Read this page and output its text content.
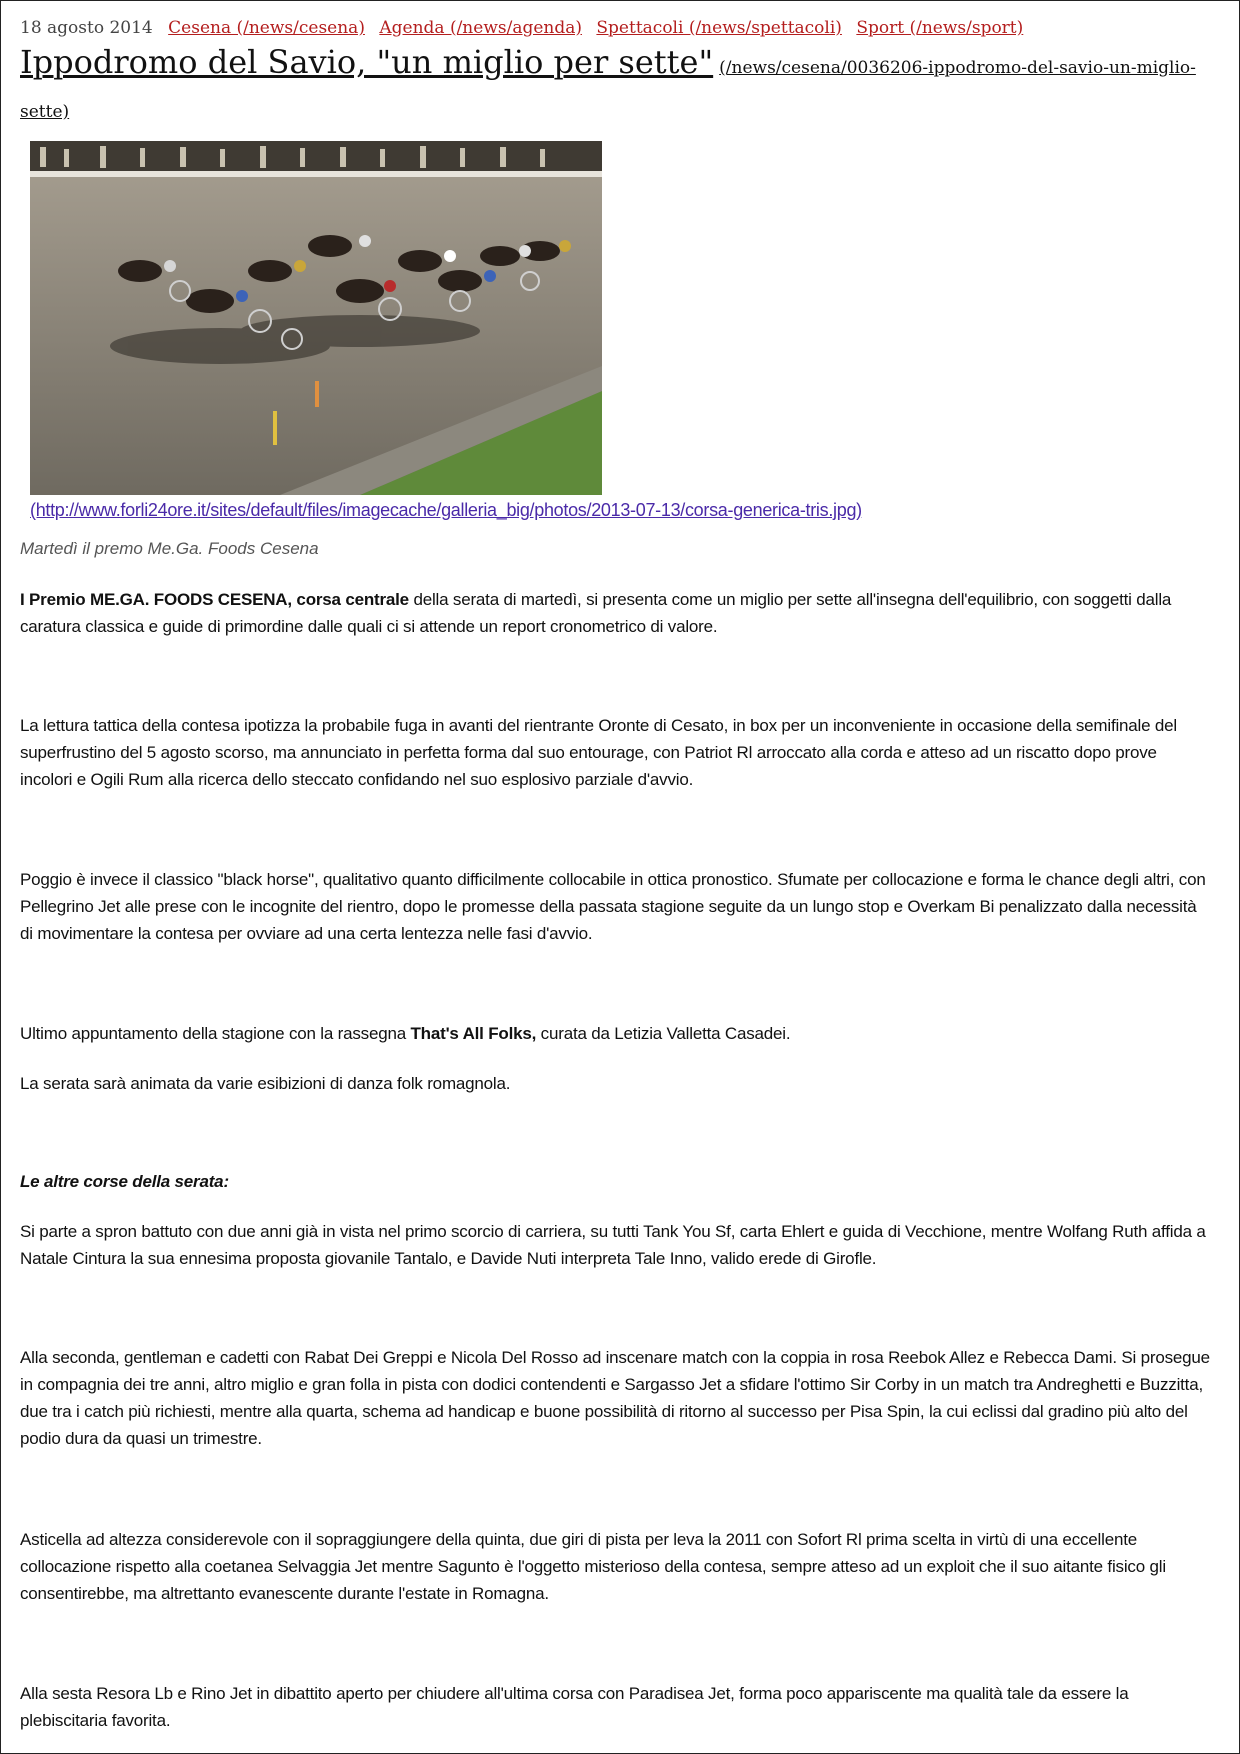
18 agosto 2014 Cesena (/news/cesena) Agenda (/news/agenda) Spettacoli (/news/spettacoli) Sport (/news/sport)
Ippodromo del Savio, "un miglio per sette" (/news/cesena/0036206-ippodromo-del-savio-un-miglio-sette)
(http://www.forli24ore.it/sites/default/files/imagecache/galleria_big/photos/2013-07-13/corsa-generica-tris.jpg)
Martedì il premo Me.Ga. Foods Cesena
I Premio ME.GA. FOODS CESENA, corsa centrale della serata di martedì, si presenta come un miglio per sette all'insegna dell'equilibrio, con soggetti dalla caratura classica e guide di primordine dalle quali ci si attende un report cronometrico di valore.
La lettura tattica della contesa ipotizza la probabile fuga in avanti del rientrante Oronte di Cesato, in box per un inconveniente in occasione della semifinale del superfrustino del 5 agosto scorso, ma annunciato in perfetta forma dal suo entourage, con Patriot Rl arroccato alla corda e atteso ad un riscatto dopo prove incolori e Ogili Rum alla ricerca dello steccato confidando nel suo esplosivo parziale d'avvio.
Poggio è invece il classico "black horse", qualitativo quanto difficilmente collocabile in ottica pronostico. Sfumate per collocazione e forma le chance degli altri, con Pellegrino Jet alle prese con le incognite del rientro, dopo le promesse della passata stagione seguite da un lungo stop e Overkam Bi penalizzato dalla necessità di movimentare la contesa per ovviare ad una certa lentezza nelle fasi d'avvio.
Ultimo appuntamento della stagione con la rassegna That's All Folks, curata da Letizia Valletta Casadei.
La serata sarà animata da varie esibizioni di danza folk romagnola.
Le altre corse della serata:
Si parte a spron battuto con due anni già in vista nel primo scorcio di carriera, su tutti Tank You Sf, carta Ehlert e guida di Vecchione, mentre Wolfang Ruth affida a Natale Cintura la sua ennesima proposta giovanile Tantalo, e Davide Nuti interpreta Tale Inno, valido erede di Girofle.
Alla seconda, gentleman e cadetti con Rabat Dei Greppi e Nicola Del Rosso ad inscenare match con la coppia in rosa Reebok Allez e Rebecca Dami. Si prosegue in compagnia dei tre anni, altro miglio e gran folla in pista con dodici contendenti e Sargasso Jet a sfidare l'ottimo Sir Corby in un match tra Andreghetti e Buzzitta, due tra i catch più richiesti, mentre alla quarta, schema ad handicap e buone possibilità di ritorno al successo per Pisa Spin, la cui eclissi dal gradino più alto del podio dura da quasi un trimestre.
Asticella ad altezza considerevole con il sopraggiungere della quinta, due giri di pista per leva la 2011 con Sofort Rl prima scelta in virtù di una eccellente collocazione rispetto alla coetanea Selvaggia Jet mentre Sagunto è l'oggetto misterioso della contesa, sempre atteso ad un exploit che il suo aitante fisico gli consentirebbe, ma altrettanto evanescente durante l'estate in Romagna.
Alla sesta Resora Lb e Rino Jet in dibattito aperto per chiudere all'ultima corsa con Paradisea Jet, forma poco appariscente ma qualità tale da essere la plebiscitaria favorita.
